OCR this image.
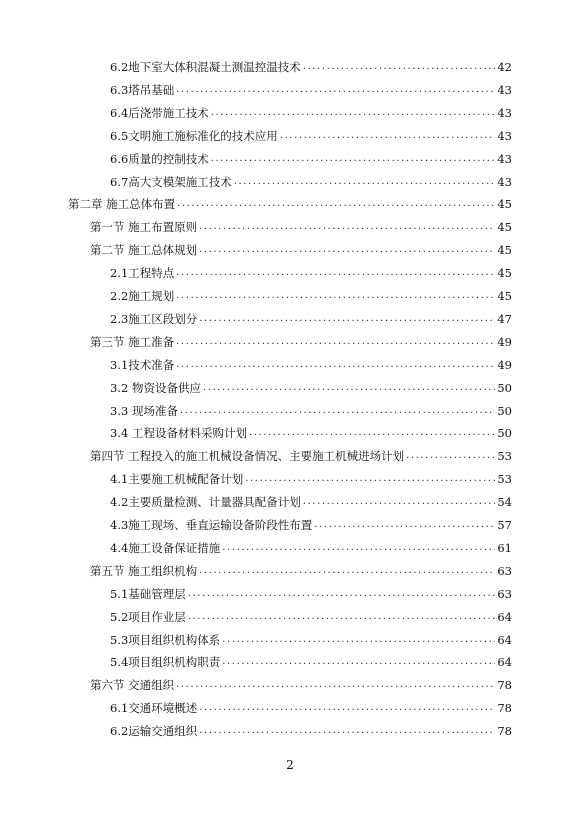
6.2地下室大体积混凝土测温控温技术 . . .	42
6.3塔吊基础 . . .	43
6.4后浇带施工技术 . . .	43
6.5文明施工施标准化的技术应用 . . .	43
6.6质量的控制技术 . . .	43
6.7高大支模架施工技术 . . .	43
第二章 施工总体布置 . . .	45
第一节 施工布置原则 . . .	45
第二节 施工总体规划 . . .	45
2.1工程特点 . . .	45
2.2施工规划 . . .	45
2.3施工区段划分 . . .	47
第三节 施工准备 . . .	49
3.1技术准备 . . .	49
3.2 物资设备供应 . . .	50
3.3 现场准备 . . .	50
3.4 工程设备材料采购计划 . . .	50
第四节 工程投入的施工机械设备情况、主要施工机械进场计划 . . .	53
4.1主要施工机械配备计划 . . .	53
4.2主要质量检测、计量器具配备计划 . . .	54
4.3施工现场、垂直运输设备阶段性布置 . . .	57
4.4施工设备保证措施 . . .	61
第五节 施工组织机构 . . .	63
5.1基础管理层 . . .	63
5.2项目作业层 . . .	64
5.3项目组织机构体系 . . .	64
5.4项目组织机构职责 . . .	64
第六节 交通组织 . . .	78
6.1交通环境概述 . . .	78
6.2运输交通组织 . . .	78
2
